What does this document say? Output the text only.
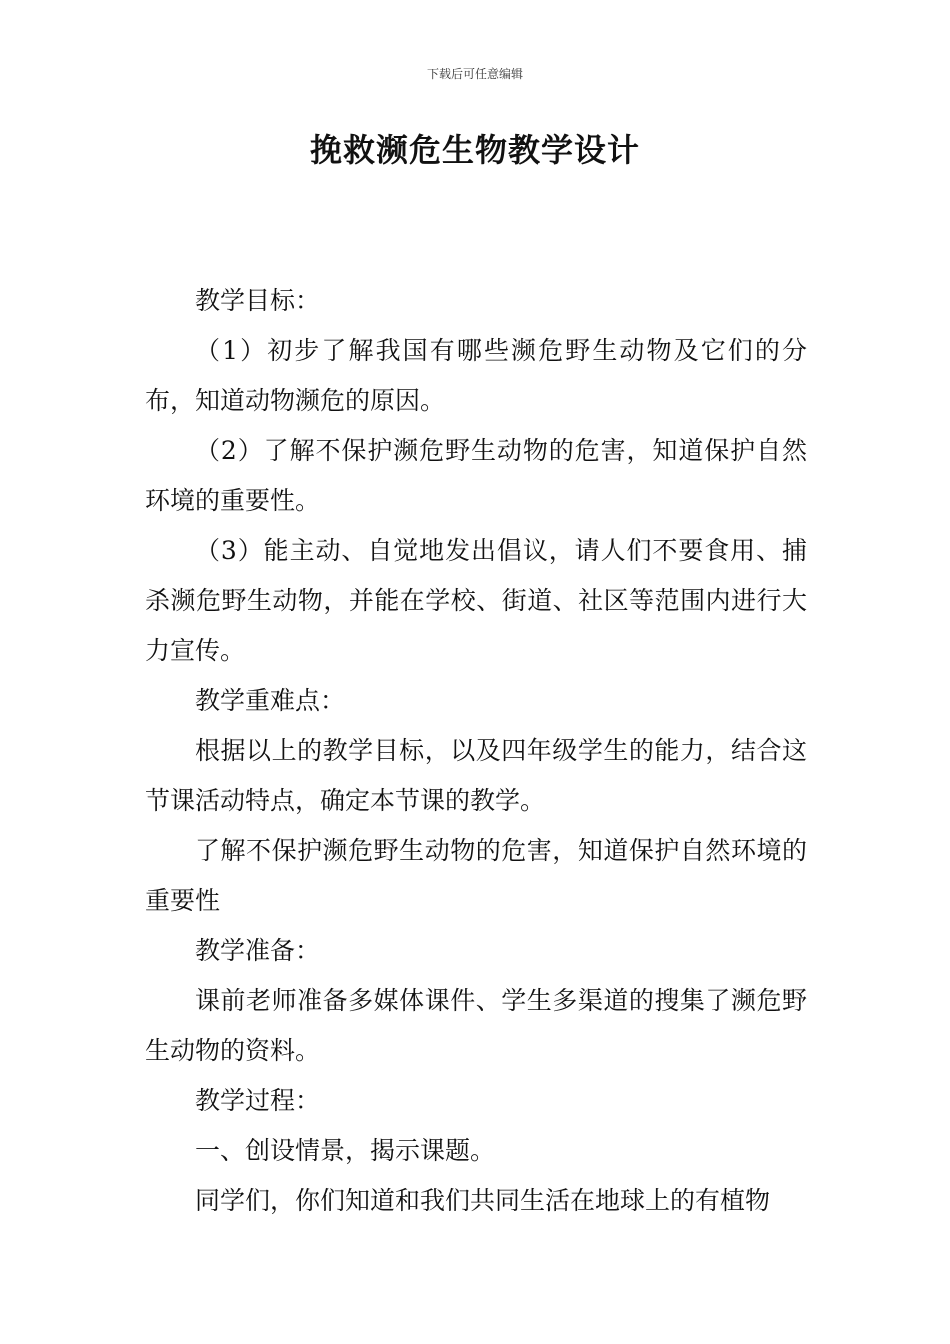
下载后可任意编辑
挽救濒危生物教学设计

教学目标：

（1）初步了解我国有哪些濒危野生动物及它们的分布，知道动物濒危的原因。

（2）了解不保护濒危野生动物的危害，知道保护自然环境的重要性。

（3）能主动、自觉地发出倡议，请人们不要食用、捕杀濒危野生动物，并能在学校、街道、社区等范围内进行大力宣传。

教学重难点：

根据以上的教学目标，以及四年级学生的能力，结合这节课活动特点，确定本节课的教学。

了解不保护濒危野生动物的危害，知道保护自然环境的重要性

教学准备：

课前老师准备多媒体课件、学生多渠道的搜集了濒危野生动物的资料。

教学过程：

一、创设情景，揭示课题。

同学们，你们知道和我们共同生活在地球上的有植物
